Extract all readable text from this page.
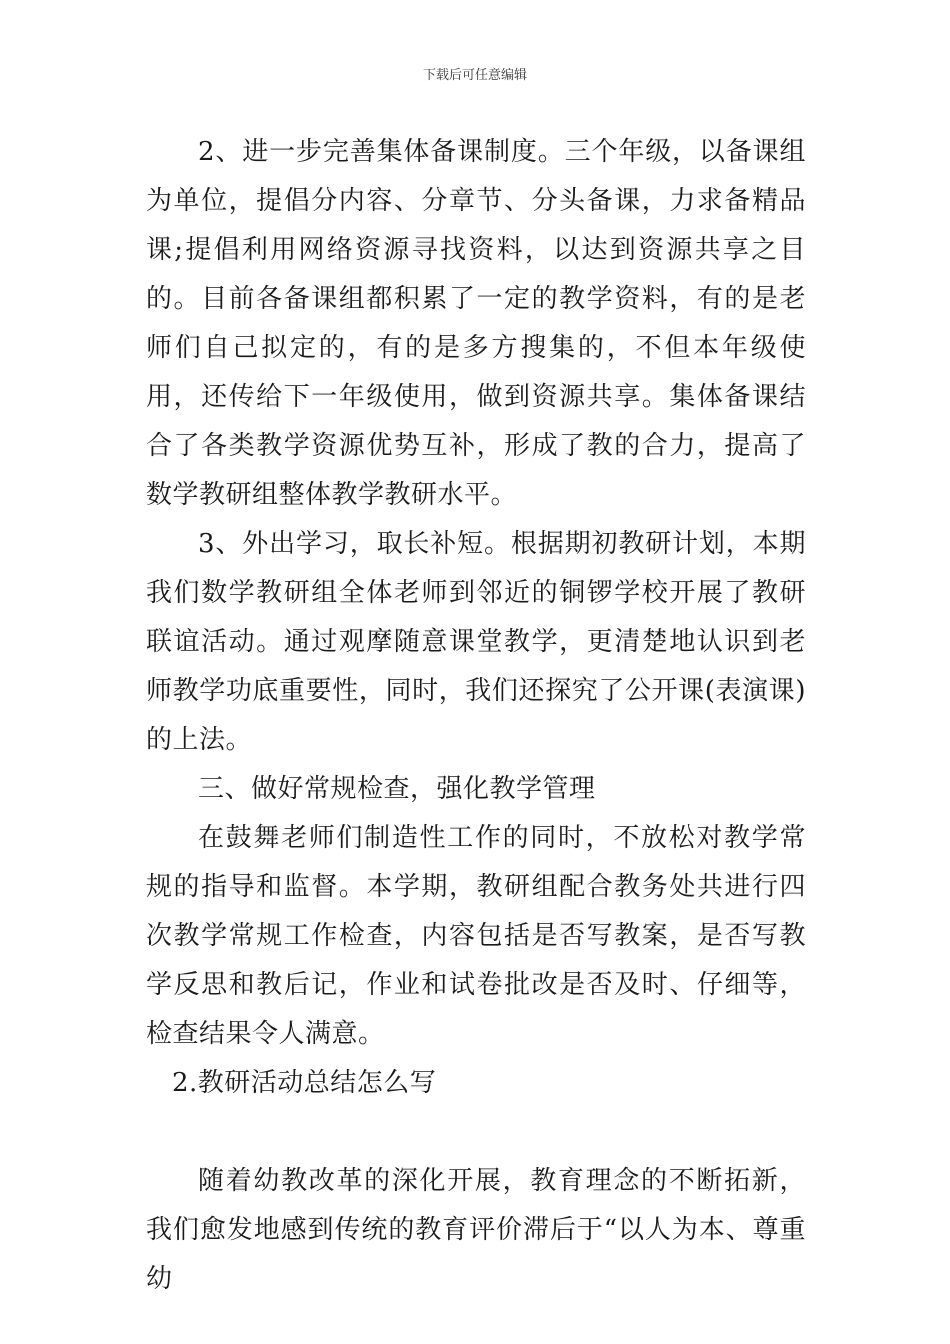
下载后可任意编辑

2、进一步完善集体备课制度。三个年级，以备课组为单位，提倡分内容、分章节、分头备课，力求备精品课;提倡利用网络资源寻找资料，以达到资源共享之目的。目前各备课组都积累了一定的教学资料，有的是老师们自己拟定的，有的是多方搜集的，不但本年级使用，还传给下一年级使用，做到资源共享。集体备课结合了各类教学资源优势互补，形成了教的合力，提高了数学教研组整体教学教研水平。

3、外出学习，取长补短。根据期初教研计划，本期我们数学教研组全体老师到邻近的铜锣学校开展了教研联谊活动。通过观摩随意课堂教学，更清楚地认识到老师教学功底重要性，同时，我们还探究了公开课(表演课)的上法。

三、做好常规检查，强化教学管理

在鼓舞老师们制造性工作的同时，不放松对教学常规的指导和监督。本学期，教研组配合教务处共进行四次教学常规工作检查，内容包括是否写教案，是否写教学反思和教后记，作业和试卷批改是否及时、仔细等，检查结果令人满意。

2.教研活动总结怎么写

随着幼教改革的深化开展，教育理念的不断拓新，我们愈发地感到传统的教育评价滞后于“以人为本、尊重幼
